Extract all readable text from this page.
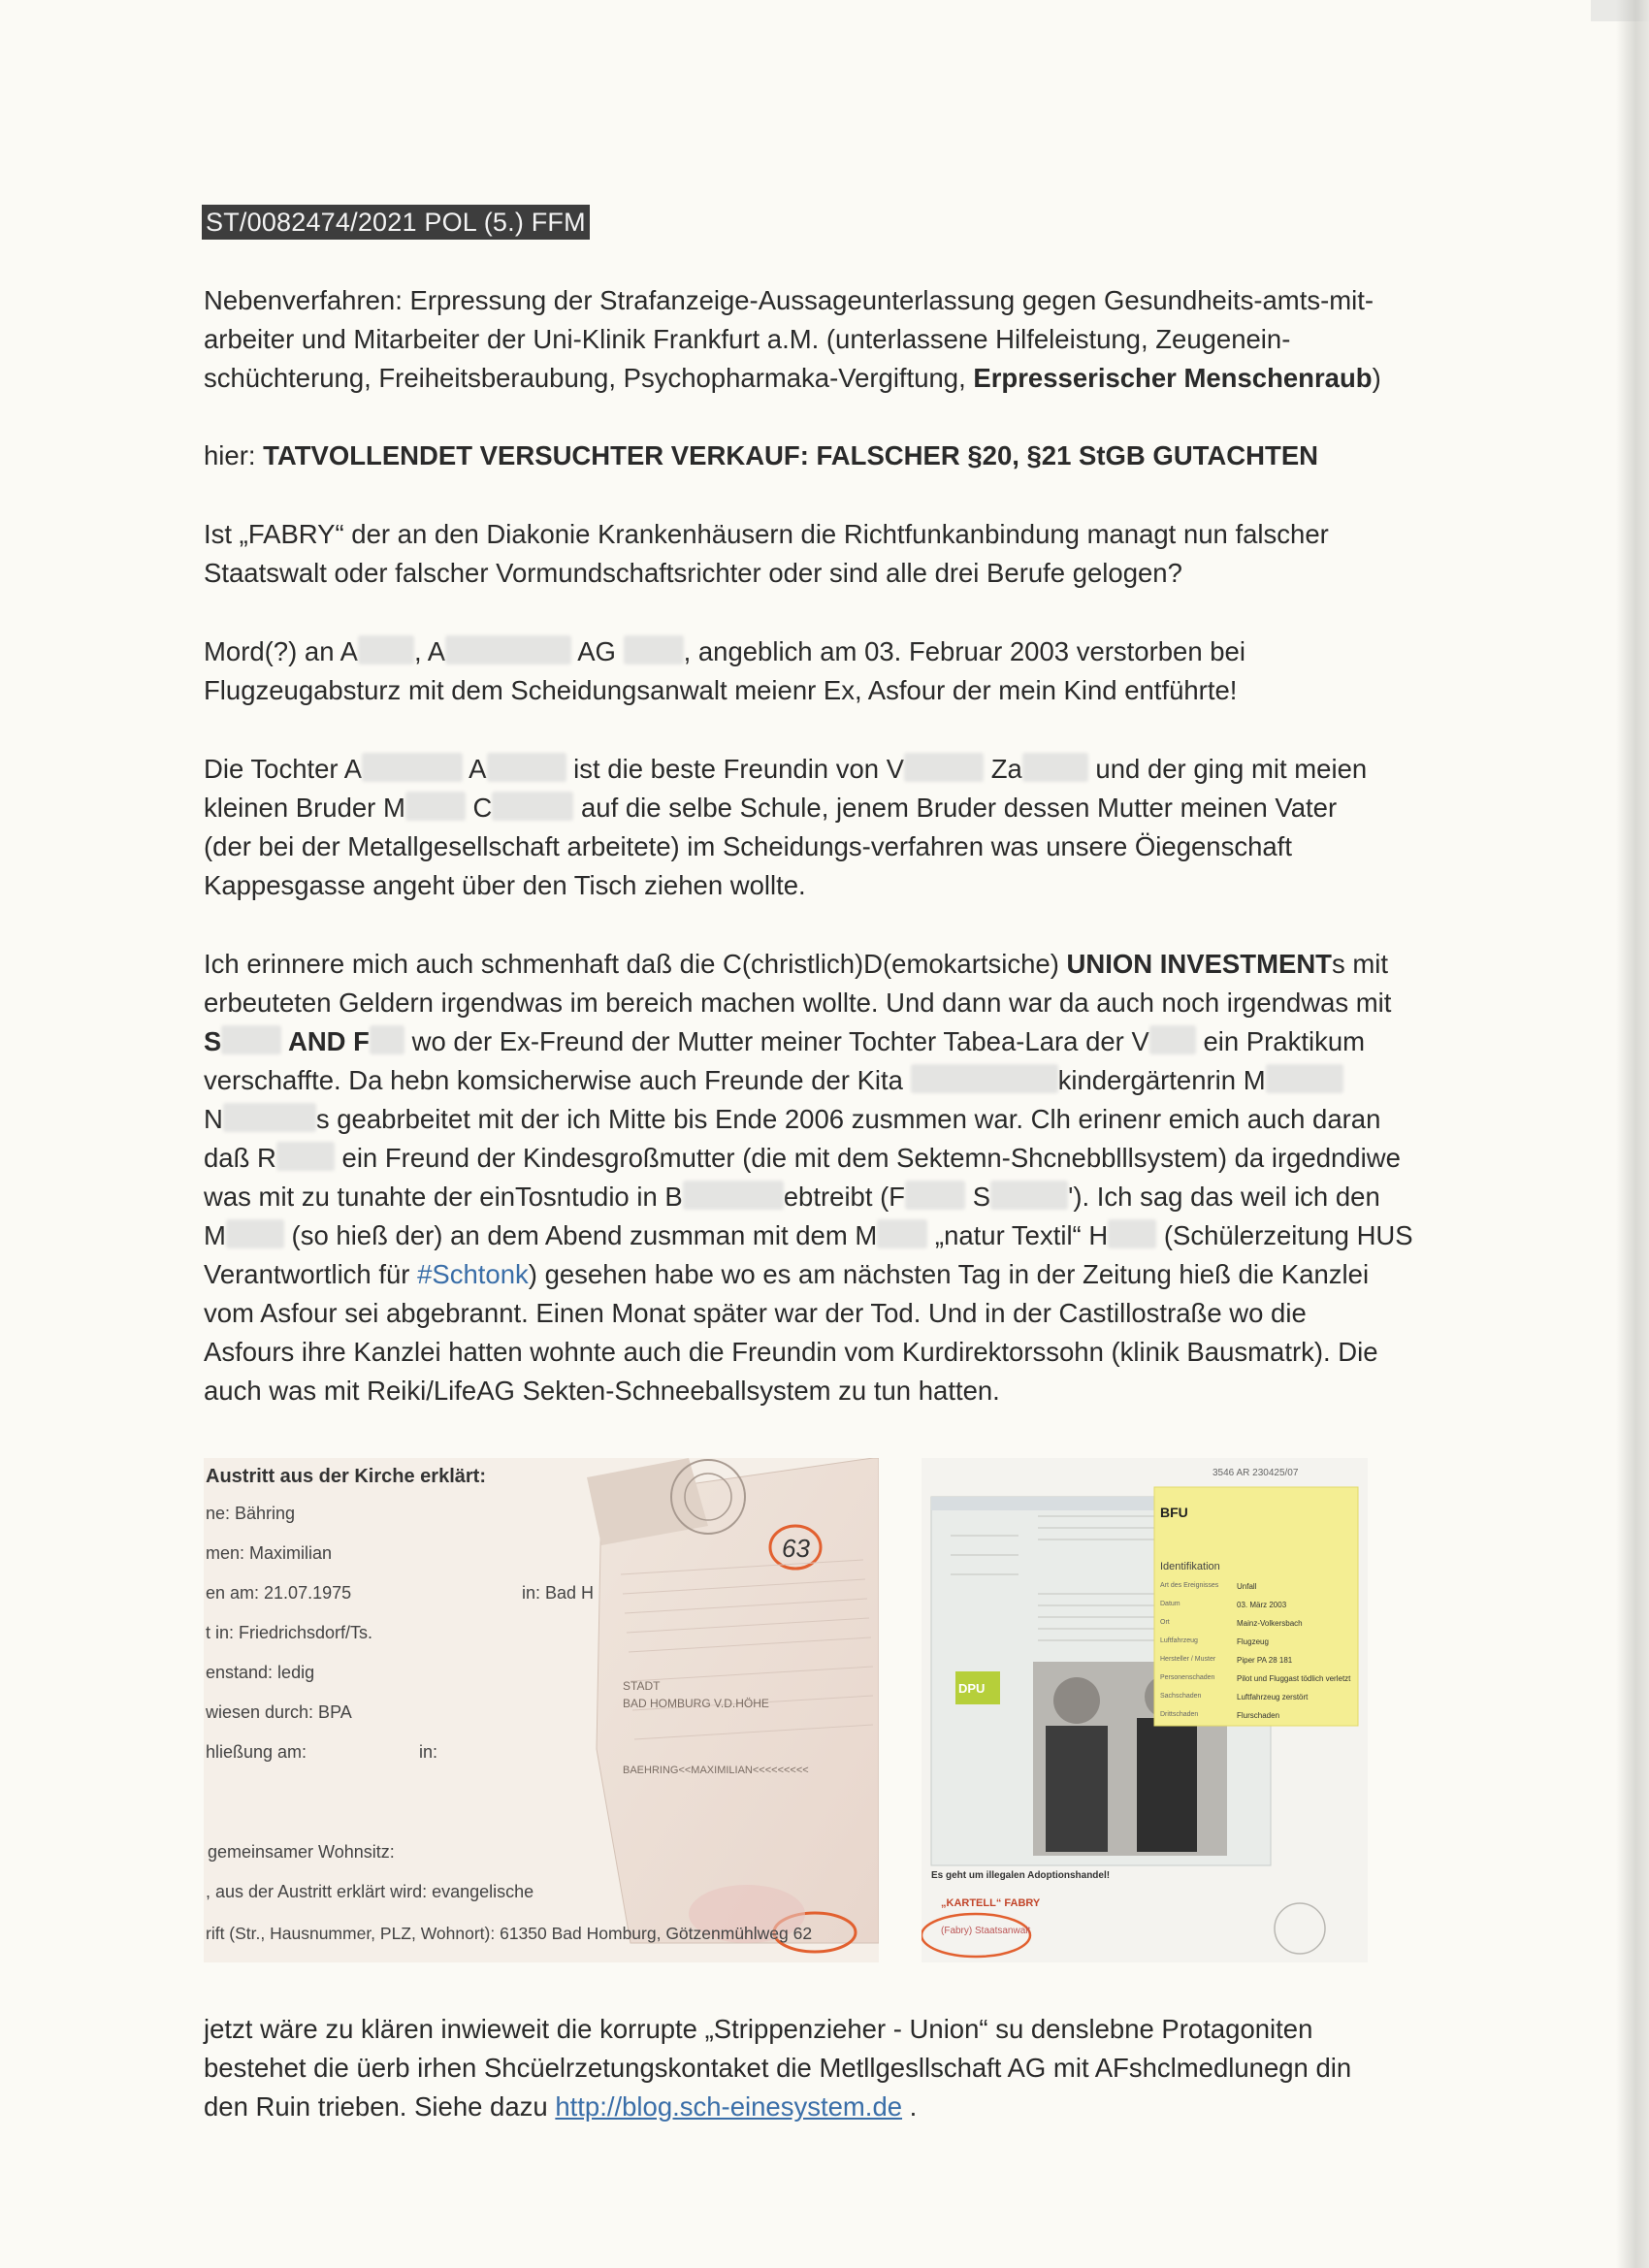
ST/0082474/2021 POL (5.) FFM

Nebenverfahren: Erpressung der Strafanzeige-Aussageunterlassung gegen Gesundheits-amts-mit-
arbeiter und Mitarbeiter der Uni-Klinik Frankfurt a.M. (unterlassene Hilfeleistung, Zeugenein-
schüchterung, Freiheitsberaubung, Psychopharmaka-Vergiftung, Erpresserischer Menschenraub)

hier: TATVOLLENDET VERSUCHTER VERKAUF: FALSCHER §20, §21 StGB GUTACHTEN

Ist „FABRY“ der an den Diakonie Krankenhäusern die Richtfunkanbindung managt nun falscher
Staatswalt oder falscher Vormundschaftsrichter oder sind alle drei Berufe gelogen?

Mord(?) an A , A	AG , angeblich am 03. Februar 2003 verstorben bei
Flugzeugabsturz mit dem Scheidungsanwalt meienr Ex, Asfour der mein Kind entführte!

Die Tochter A	A	ist die beste Freundin von V	Za und der ging mit meien
kleinen Bruder M C	auf die selbe Schule, jenem Bruder dessen Mutter meinen Vater
(der bei der Metallgesellschaft arbeitete) im Scheidungs-verfahren was unsere Öiegenschaft
Kappesgasse angeht über den Tisch ziehen wollte.

Ich erinnere mich auch schmenhaft daß die C(christlich)D(emokartsiche) UNION INVESTMENTs mit
erbeuteten Geldern irgendwas im bereich machen wollte. Und dann war da auch noch irgendwas mit
S AND F wo der Ex-Freund der Mutter meiner Tochter Tabea-Lara der V ein Praktikum
verschaffte. Da hebn komsicherwise auch Freunde der Kita	kindergärtenrin M
N	s geabrbeitet mit der ich Mitte bis Ende 2006 zusmmen war. Clh erinenr emich auch daran
daß R ein Freund der Kindesgroßmutter (die mit dem Sektemn-Shcnebblllsystem) da irgedndiwe
was mit zu tunahte der einTosntudio in B	ebtreibt (F S	'). Ich sag das weil ich den
M (so hieß der) an dem Abend zusmman mit dem M „natur Textil“ H (Schülerzeitung HUS
Verantwortlich für #Schtonk) gesehen habe wo es am nächsten Tag in der Zeitung hieß die Kanzlei
vom Asfour sei abgebrannt. Einen Monat später war der Tod. Und in der Castillostraße wo die
Asfours ihre Kanzlei hatten wohnte auch die Freundin vom Kurdirektorssohn (klinik Bausmatrk). Die
auch was mit Reiki/LifeAG Sekten-Schneeballsystem zu tun hatten.

Austritt aus der Kirche erklärt:
ne: Bähring
men: Maximilian
en am: 21.07.1975	in: Bad H
t in: Friedrichsdorf/Ts.
enstand: ledig
wiesen durch: BPA
hließung am:	in:
gemeinsamer Wohnsitz:
, aus der Austritt erklärt wird: evangelische
rift (Str., Hausnummer, PLZ, Wohnort): 61350 Bad Homburg, Götzenmühlweg 62
63
STADT
BAD HOMBURG V.D.HÖHE
BAEHRING<<MAXIMILIAN<<<<<<<<<
3546 AR 230425/07
BFU
Identifikation
Art des Ereignisses Unfall
Datum	03. März 2003
Ort	Mainz-Volkersbach
Luftfahrzeug	Flugzeug
Hersteller / Muster	Piper PA 28 181
Personenschaden	Pilot und Fluggast tödlich verletzt
Sachschaden	Luftfahrzeug zerstört
Drittschaden	Flurschaden
DPU
Es geht um illegalen Adoptionshandel!
„KARTELL“ FABRY
(Fabry) Staatsanwalt

jetzt wäre zu klären inwieweit die korrupte „Strippenzieher - Union“ su denslebne Protagoniten
bestehet die üerb irhen Shcüelrzetungskontaket die Metllgesllschaft AG mit AFshclmedlunegn din
den Ruin trieben. Siehe dazu http://blog.sch-einesystem.de .
